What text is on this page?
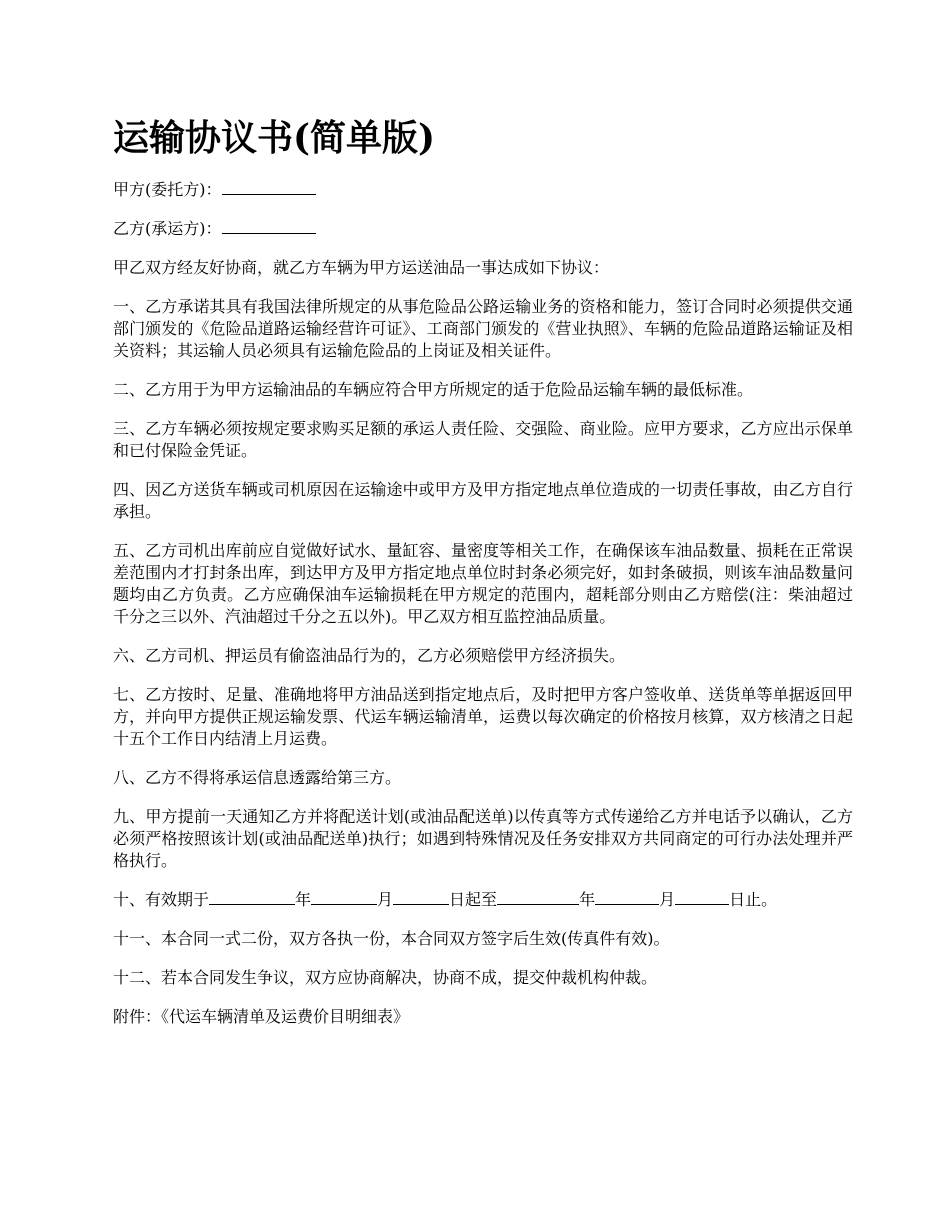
运输协议书(简单版)

甲方(委托方)：

乙方(承运方)：

甲乙双方经友好协商，就乙方车辆为甲方运送油品一事达成如下协议：

一、乙方承诺其具有我国法律所规定的从事危险品公路运输业务的资格和能力，签订合同时必须提供交通部门颁发的《危险品道路运输经营许可证》、工商部门颁发的《营业执照》、车辆的危险品道路运输证及相关资料；其运输人员必须具有运输危险品的上岗证及相关证件。

二、乙方用于为甲方运输油品的车辆应符合甲方所规定的适于危险品运输车辆的最低标准。

三、乙方车辆必须按规定要求购买足额的承运人责任险、交强险、商业险。应甲方要求，乙方应出示保单和已付保险金凭证。

四、因乙方送货车辆或司机原因在运输途中或甲方及甲方指定地点单位造成的一切责任事故，由乙方自行承担。

五、乙方司机出库前应自觉做好试水、量缸容、量密度等相关工作，在确保该车油品数量、损耗在正常误差范围内才打封条出库，到达甲方及甲方指定地点单位时封条必须完好，如封条破损，则该车油品数量问题均由乙方负责。乙方应确保油车运输损耗在甲方规定的范围内，超耗部分则由乙方赔偿(注：柴油超过千分之三以外、汽油超过千分之五以外)。甲乙双方相互监控油品质量。

六、乙方司机、押运员有偷盗油品行为的，乙方必须赔偿甲方经济损失。

七、乙方按时、足量、准确地将甲方油品送到指定地点后，及时把甲方客户签收单、送货单等单据返回甲方，并向甲方提供正规运输发票、代运车辆运输清单，运费以每次确定的价格按月核算，双方核清之日起十五个工作日内结清上月运费。

八、乙方不得将承运信息透露给第三方。

九、甲方提前一天通知乙方并将配送计划(或油品配送单)以传真等方式传递给乙方并电话予以确认，乙方必须严格按照该计划(或油品配送单)执行；如遇到特殊情况及任务安排双方共同商定的可行办法处理并严格执行。

十、有效期于	年	月	日起至	年	月	日止。

十一、本合同一式二份，双方各执一份，本合同双方签字后生效(传真件有效)。

十二、若本合同发生争议，双方应协商解决，协商不成，提交仲裁机构仲裁。

附件：《代运车辆清单及运费价目明细表》
